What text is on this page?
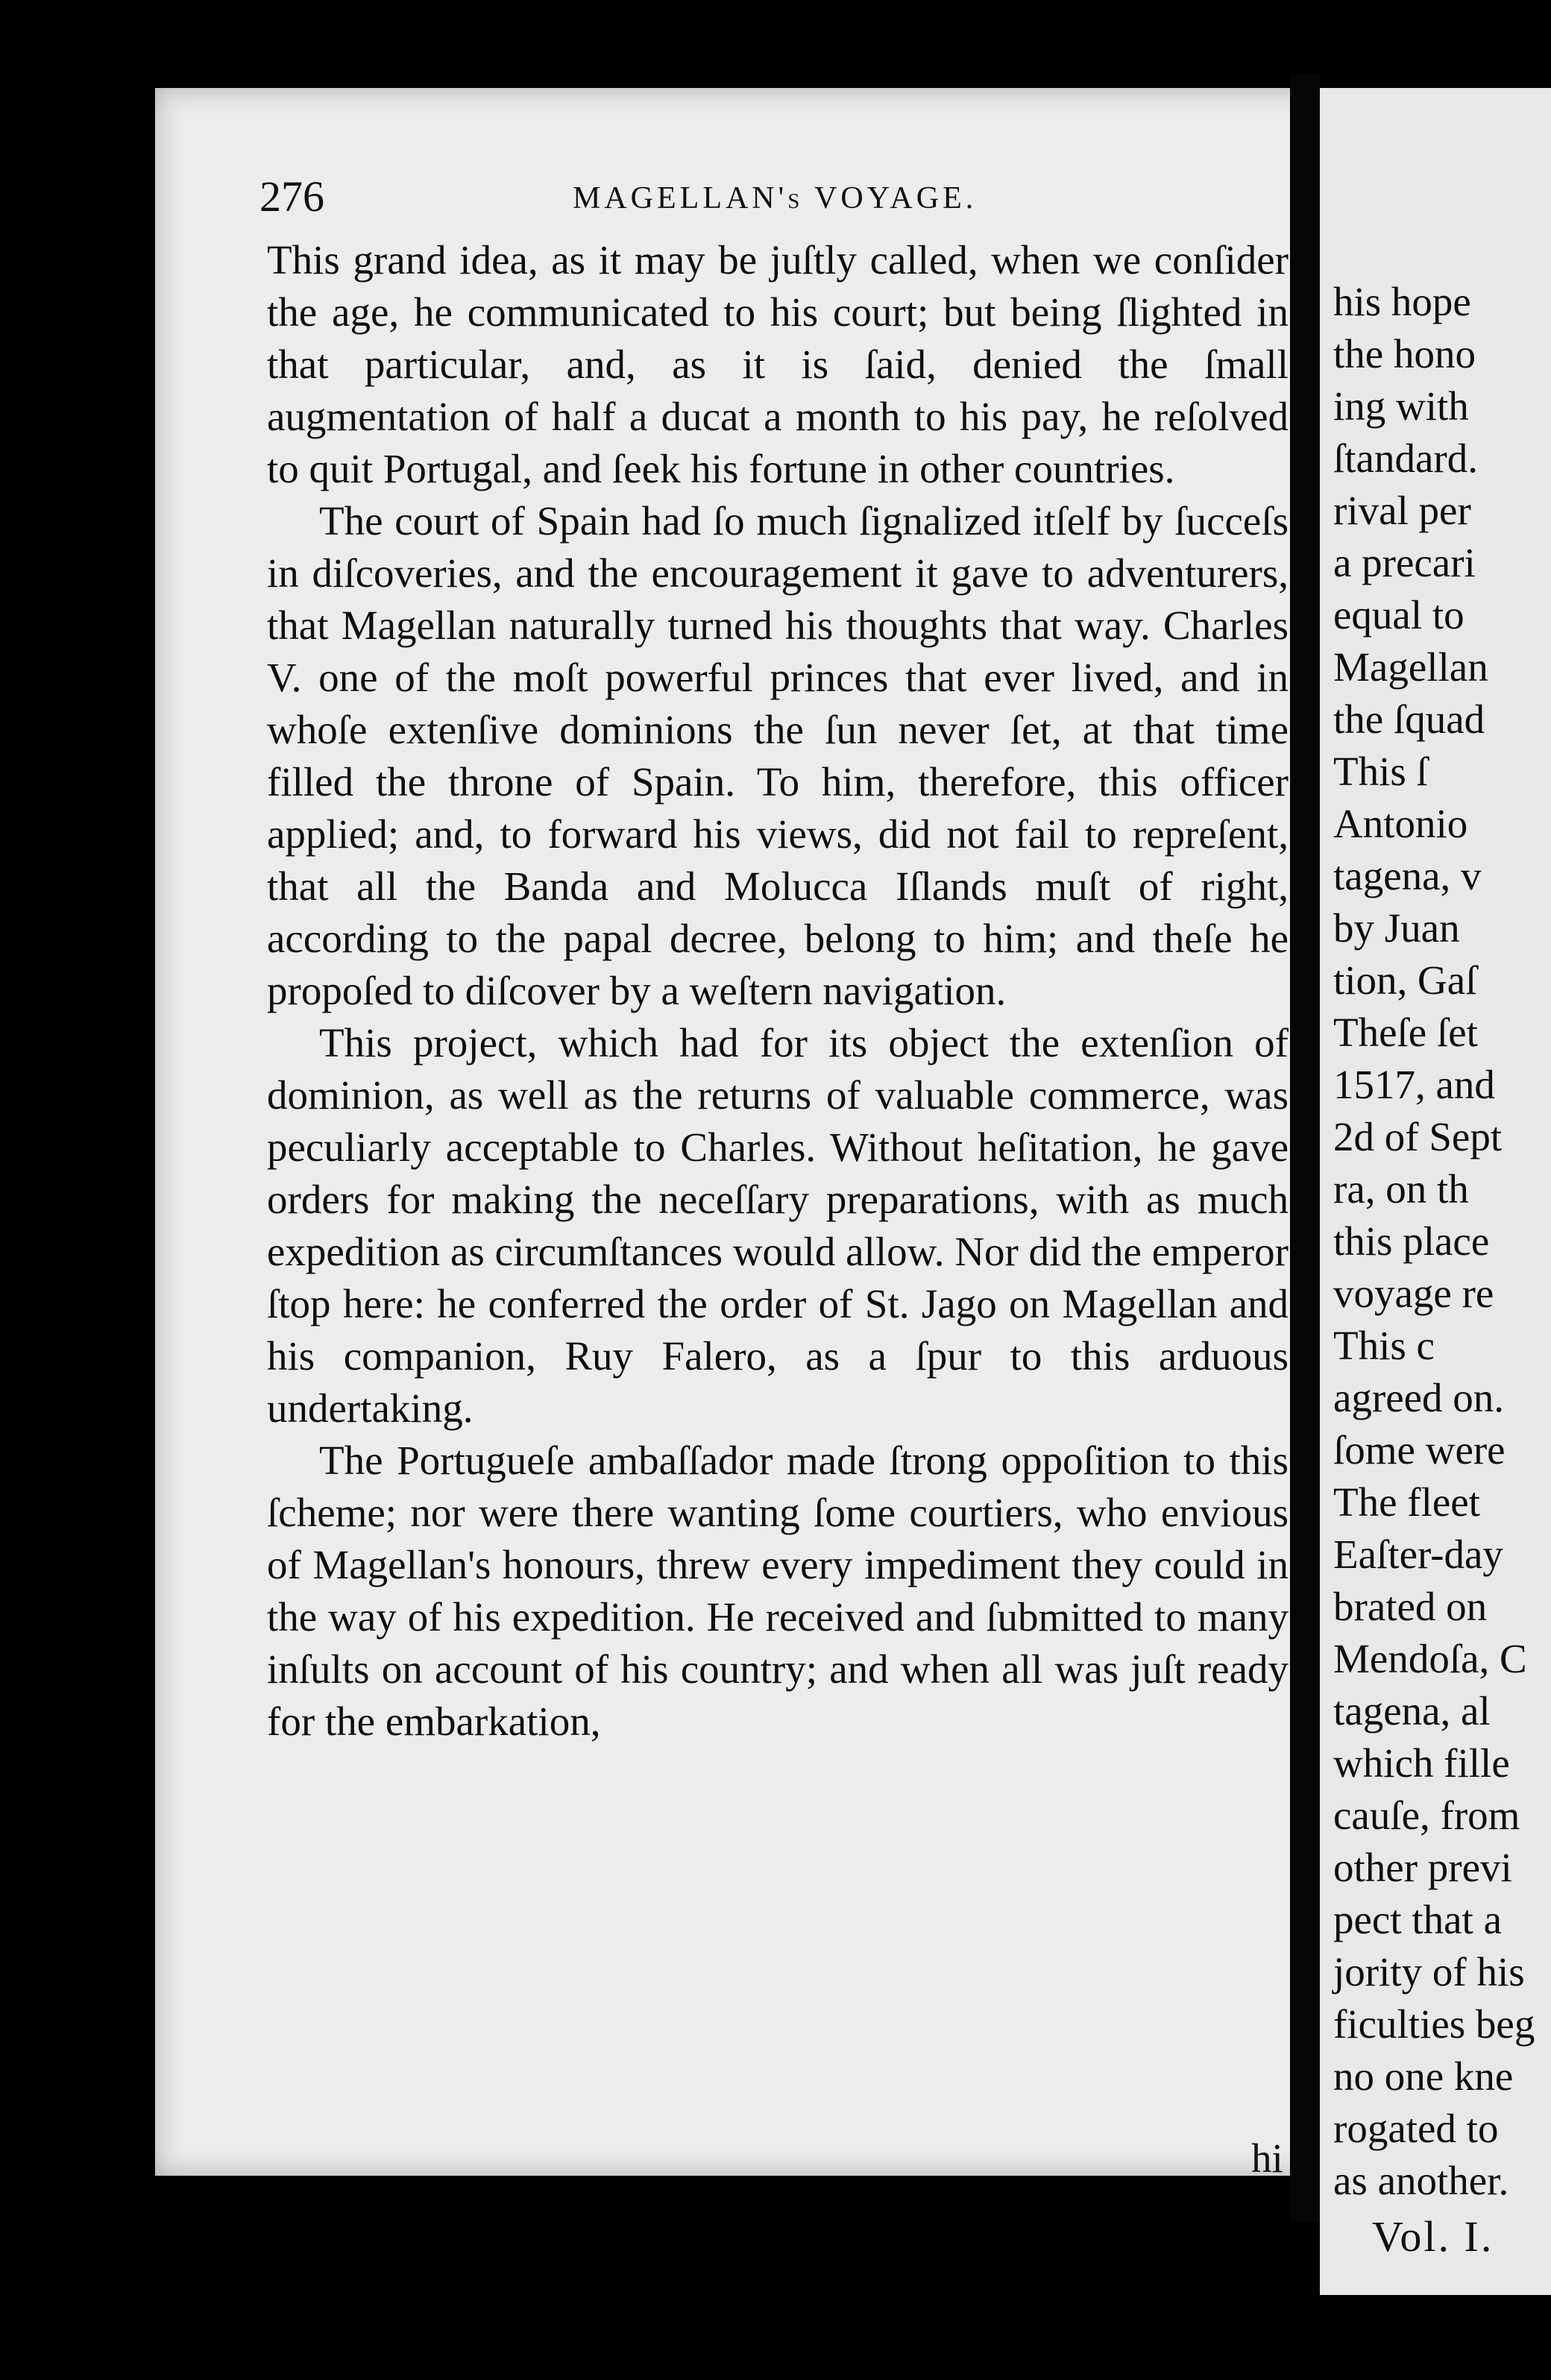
276	MAGELLAN's VOYAGE.

This grand idea, as it may be juſtly called, when we conſider the age, he communicated to his court; but being ſlighted in that particular, and, as it is ſaid, denied the ſmall augmentation of half a ducat a month to his pay, he reſolved to quit Portugal, and ſeek his fortune in other countries.

The court of Spain had ſo much ſignalized itſelf by ſucceſs in diſcoveries, and the encouragement it gave to adventurers, that Magellan naturally turned his thoughts that way. Charles V. one of the moſt powerful princes that ever lived, and in whoſe extenſive dominions the ſun never ſet, at that time filled the throne of Spain. To him, therefore, this officer applied; and, to forward his views, did not fail to repreſent, that all the Banda and Molucca Iſlands muſt of right, according to the papal decree, belong to him; and theſe he propoſed to diſcover by a weſtern navigation.

This project, which had for its object the extenſion of dominion, as well as the returns of valuable commerce, was peculiarly acceptable to Charles. Without heſitation, he gave orders for making the neceſſary preparations, with as much expedition as circumſtances would allow. Nor did the emperor ſtop here: he conferred the order of St. Jago on Magellan and his companion, Ruy Falero, as a ſpur to this arduous undertaking.

The Portugueſe ambaſſador made ſtrong oppoſition to this ſcheme; nor were there wanting ſome courtiers, who envious of Magellan's honours, threw every impediment they could in the way of his expedition. He received and ſubmitted to many inſults on account of his country; and when all was juſt ready for the embarkation,

hi
his hope
the hono
ing with
ſtandard.
rival per
a precari
equal to
Magellan
the ſquad
This ſ
Antonio
tagena, v
by Juan
tion, Gaſ
Theſe ſet
1517, and
2d of Sept
ra, on th
this place
voyage re
This c
agreed on.
ſome were
The fleet
Eaſter-day
brated on
Mendoſa, C
tagena, al
which fille
cauſe, from
other previ
pect that a
jority of his
ficulties beg
no one kne
rogated to
as another.
Vol. I.
